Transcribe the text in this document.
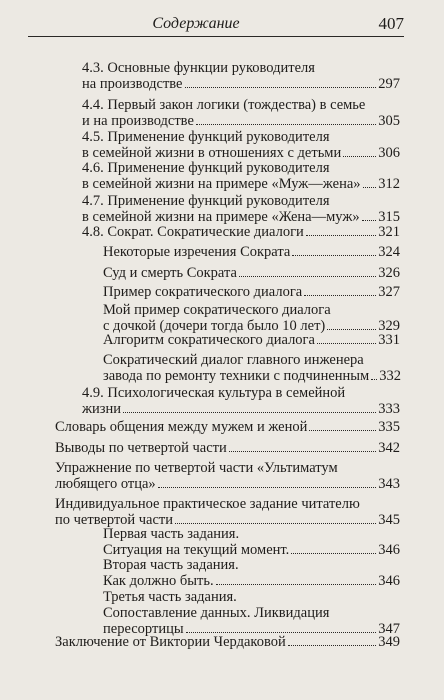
Содержание	407
4.3. Основные функции руководителя
на производстве	297
4.4. Первый закон логики (тождества) в семье
и на производстве	305
4.5. Применение функций руководителя
в семейной жизни в отношениях с детьми	306
4.6. Применение функций руководителя
в семейной жизни на примере «Муж—жена» 312
4.7. Применение функций руководителя
в семейной жизни на примере «Жена—муж» 315
4.8. Сократ. Сократические диалоги	321
Некоторые изречения Сократа	324
Суд и смерть Сократа	326
Пример сократического диалога	327
Мой пример сократического диалога
с дочкой (дочери тогда было 10 лет)	329
Алгоритм сократического диалога	331
Сократический диалог главного инженера
завода по ремонту техники с подчиненным 332
4.9. Психологическая культура в семейной
жизни	333
Словарь общения между мужем и женой	335
Выводы по четвертой части	342
Упражнение по четвертой части «Ультиматум
любящего отца»	343
Индивидуальное практическое задание читателю
по четвертой части	345
Первая часть задания.
Ситуация на текущий момент.	346
Вторая часть задания.
Как должно быть.	346
Третья часть задания.
Сопоставление данных. Ликвидация
пересортицы	347
Заключение от Виктории Чердаковой	349
